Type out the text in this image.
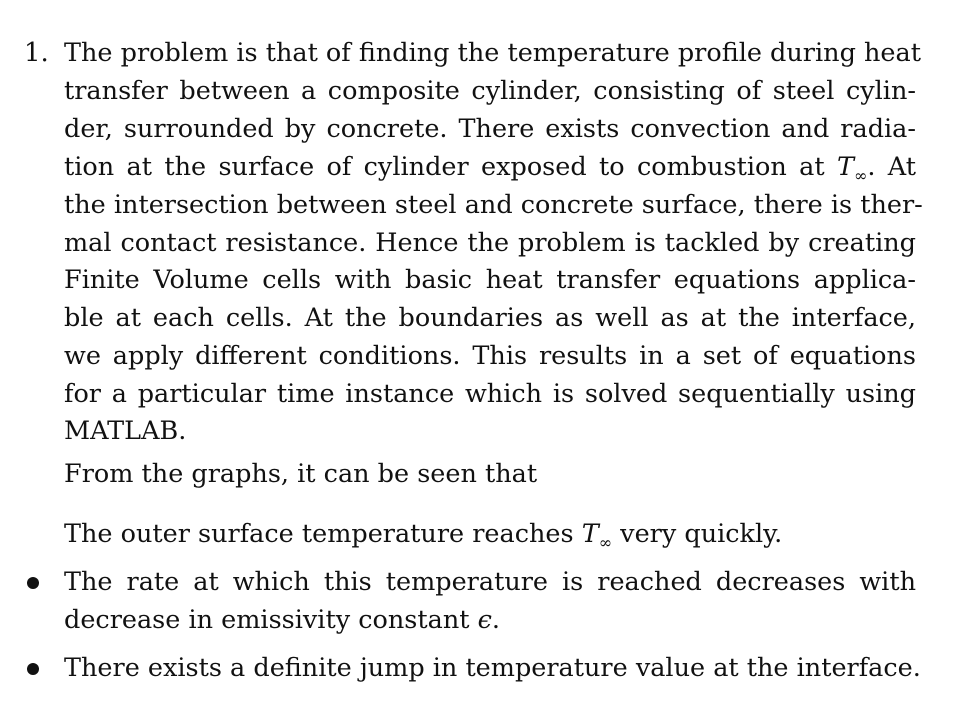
1. The problem is that of finding the temperature profile during heat
transfer between a composite cylinder, consisting of steel cylin-
der, surrounded by concrete. There exists convection and radia-
tion at the surface of cylinder exposed to combustion at $T_\infty$. At
the intersection between steel and concrete surface, there is ther-
mal contact resistance. Hence the problem is tackled by creating
Finite Volume cells with basic heat transfer equations applica-
ble at each cells. At the boundaries as well as at the interface,
we apply different conditions. This results in a set of equations
for a particular time instance which is solved sequentially using
MATLAB.
From the graphs, it can be seen that
The outer surface temperature reaches $T_\infty$ very quickly.
The rate at which this temperature is reached decreases with
decrease in emissivity constant ϵ.
There exists a definite jump in temperature value at the interface.
